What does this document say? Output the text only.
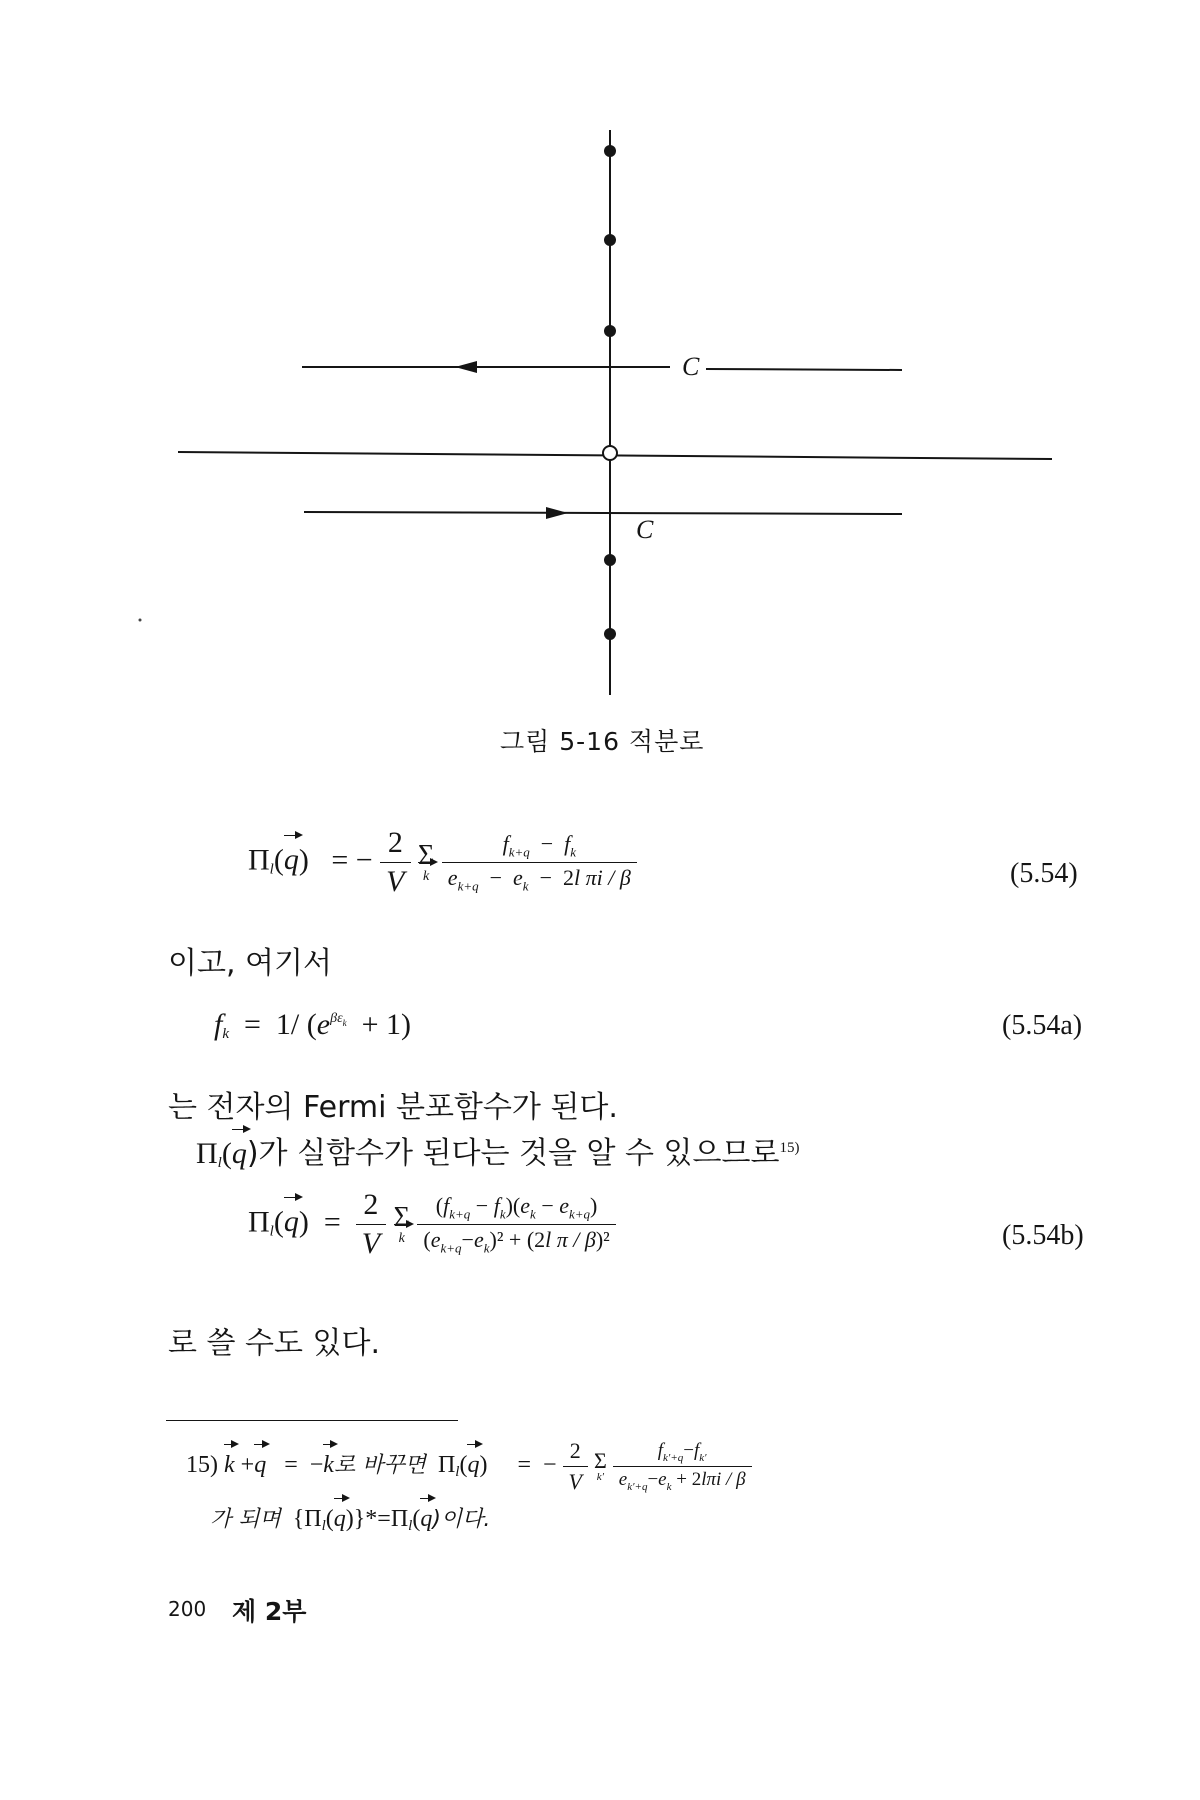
C
C
그림 5-16 적분로
Πl(q)   = − $\frac{2}{V}$
Σ
k
$\frac{f_{k+q} - f_k}{e_{k+q} - e_k - 2l \pi i / \beta}$	(5.54)
이고, 여기서
fk  =  1/ $(e^{\beta\varepsilon_k} + 1)$	(5.54a)
는 전자의 Fermi 분포함수가 된다.
Πl(q)가 실함수가 된다는 것을 알 수 있으므로$^{15)}$
$\Pi l(q) = \frac{2}{V}$
Σ
k
$\frac{(f_{k+q} - f_k)(e_k - e_{k+q})}{(e_{k+q}-e_k)^2 + (2l \pi / \beta)^2}$	(5.54b)
로 쓸 수도 있다.
15) k +q   =  −k로 바꾸면  Πl(q)     =  − $\frac{2}{V}$
Σ
k′
$\frac{f_{k'+q}-f_{k'}}{e_{k'+q}-e_k + 2l\pi i / \beta}$
가 되며  {Πl(q)}*=Πl(q)이다.
200 제 2부
